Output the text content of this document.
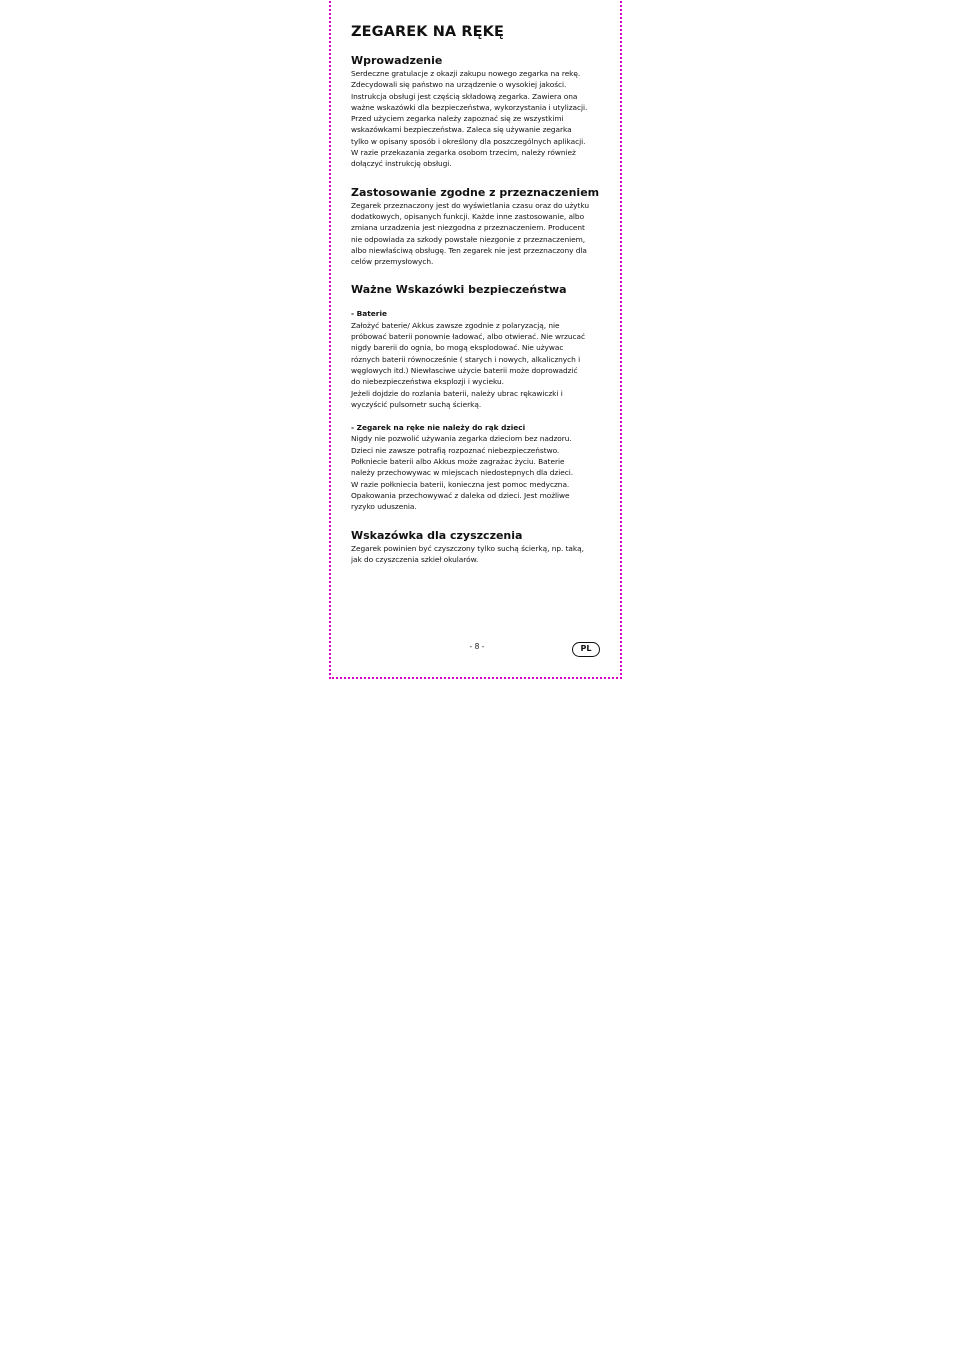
ZEGAREK NA RĘKĘ
Wprowadzenie

Serdeczne gratulacje z okazji zakupu nowego zegarka na rekę.
Zdecydowali się państwo na urządzenie o wysokiej jakości.
Instrukcja obsługi jest częścią składową zegarka. Zawiera ona
ważne wskazówki dla bezpieczeństwa, wykorzystania i utylizacji.
Przed użyciem zegarka należy zapoznać się ze wszystkimi
wskazówkami bezpieczeństwa. Zaleca się używanie zegarka
tylko w opisany sposób i określony dla poszczególnych aplikacji.
W razie przekazania zegarka osobom trzecim, należy również
dołączyć instrukcję obsługi.

Zastosowanie zgodne z przeznaczeniem

Zegarek przeznaczony jest do wyświetlania czasu oraz do użytku
dodatkowych, opisanych funkcji. Każde inne zastosowanie, albo
zmiana urzadzenia jest niezgodna z przeznaczeniem. Producent
nie odpowiada za szkody powstałe niezgonie z przeznaczeniem,
albo niewłaściwą obsługę. Ten zegarek nie jest przeznaczony dla
celów przemysłowych.

Ważne Wskazówki bezpieczeństwa

- Baterie

Założyć baterie/ Akkus zawsze zgodnie z polaryzacją, nie
próbować baterii ponownie ładować, albo otwierać. Nie wrzucać
nigdy barerii do ognia, bo mogą eksplodować. Nie używac
róznych baterii równocześnie ( starych i nowych, alkalicznych i
węglowych itd.) Niewłasciwe użycie baterii może doprowadzić
do niebezpieczeństwa eksplozji i wycieku.
Jeżeli dojdzie do rozlania baterii, należy ubrac rękawiczki i
wyczyścić pulsometr suchą ścierką.

- Zegarek na ręke nie należy do rąk dzieci

Nigdy nie pozwolić używania zegarka dzieciom bez nadzoru.
Dzieci nie zawsze potrafią rozpoznać niebezpieczeństwo.
Połkniecie baterii albo Akkus może zagrażac życiu. Baterie
należy przechowywac w miejscach niedostepnych dla dzieci.
W razie połkniecia baterii, konieczna jest pomoc medyczna.
Opakowania przechowywać z daleka od dzieci. Jest możliwe
ryzyko uduszenia.

Wskazówka dla czyszczenia

Zegarek powinien być czyszczony tylko suchą ścierką, np. taką,
jak do czyszczenia szkieł okularów.

- 8 -	PL
